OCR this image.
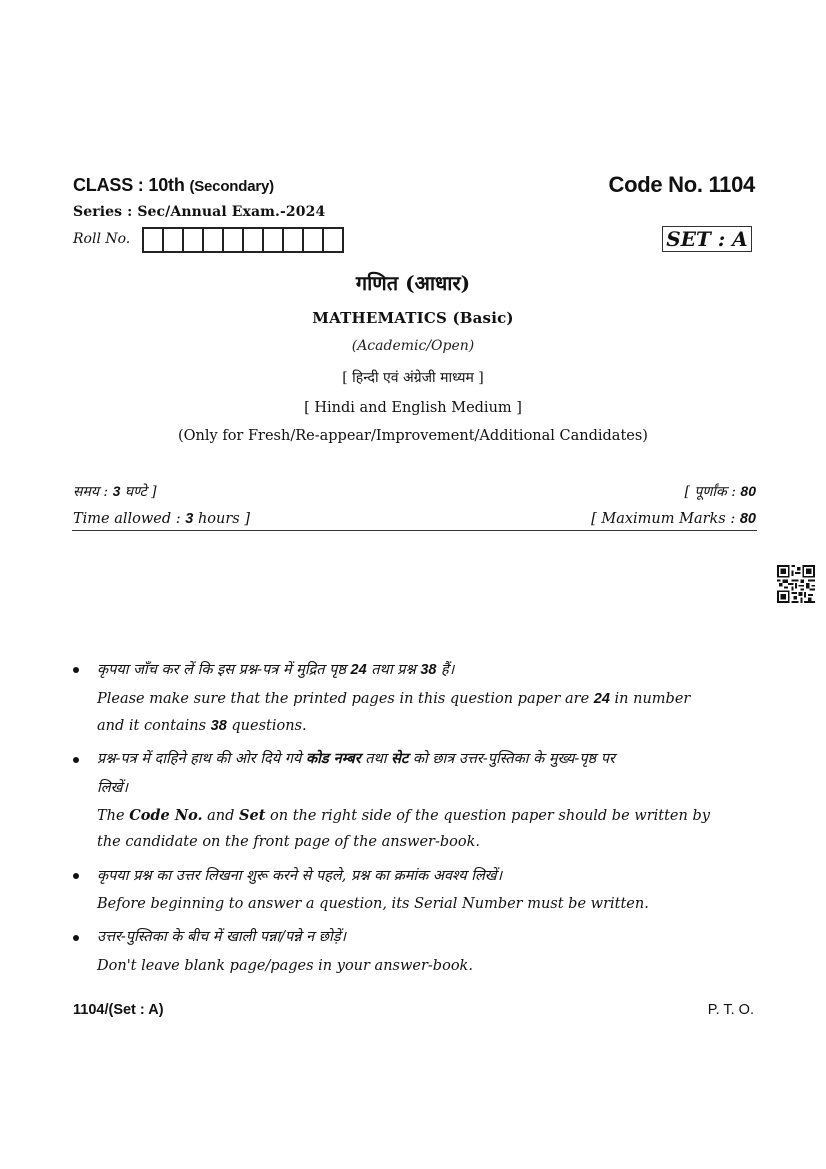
CLASS : 10th (Secondary)	Code No. 1104
Series : Sec/Annual Exam.-2024
Roll No.	SET : A
गणित (आधार)
MATHEMATICS (Basic)
(Academic/Open)
[ हिन्दी एवं अंग्रेजी माध्यम ]
[ Hindi and English Medium ]
(Only for Fresh/Re-appear/Improvement/Additional Candidates)
समय : 3 घण्टे ]	[ पूर्णांक : 80
Time allowed : 3 hours ]	[ Maximum Marks : 80
कृपया जाँच कर लें कि इस प्रश्न-पत्र में मुद्रित पृष्ठ 24 तथा प्रश्न 38 हैं।
Please make sure that the printed pages in this question paper are 24 in number
and it contains 38 questions.
प्रश्न-पत्र में दाहिने हाथ की ओर दिये गये कोड नम्बर तथा सेट को छात्र उत्तर-पुस्तिका के मुख्य-पृष्ठ पर
लिखें।
The Code No. and Set on the right side of the question paper should be written by
the candidate on the front page of the answer-book.
कृपया प्रश्न का उत्तर लिखना शुरू करने से पहले, प्रश्न का क्रमांक अवश्य लिखें।
Before beginning to answer a question, its Serial Number must be written.
उत्तर-पुस्तिका के बीच में खाली पन्ना/पन्ने न छोड़ें।
Don't leave blank page/pages in your answer-book.
1104/(Set : A)	P. T. O.
